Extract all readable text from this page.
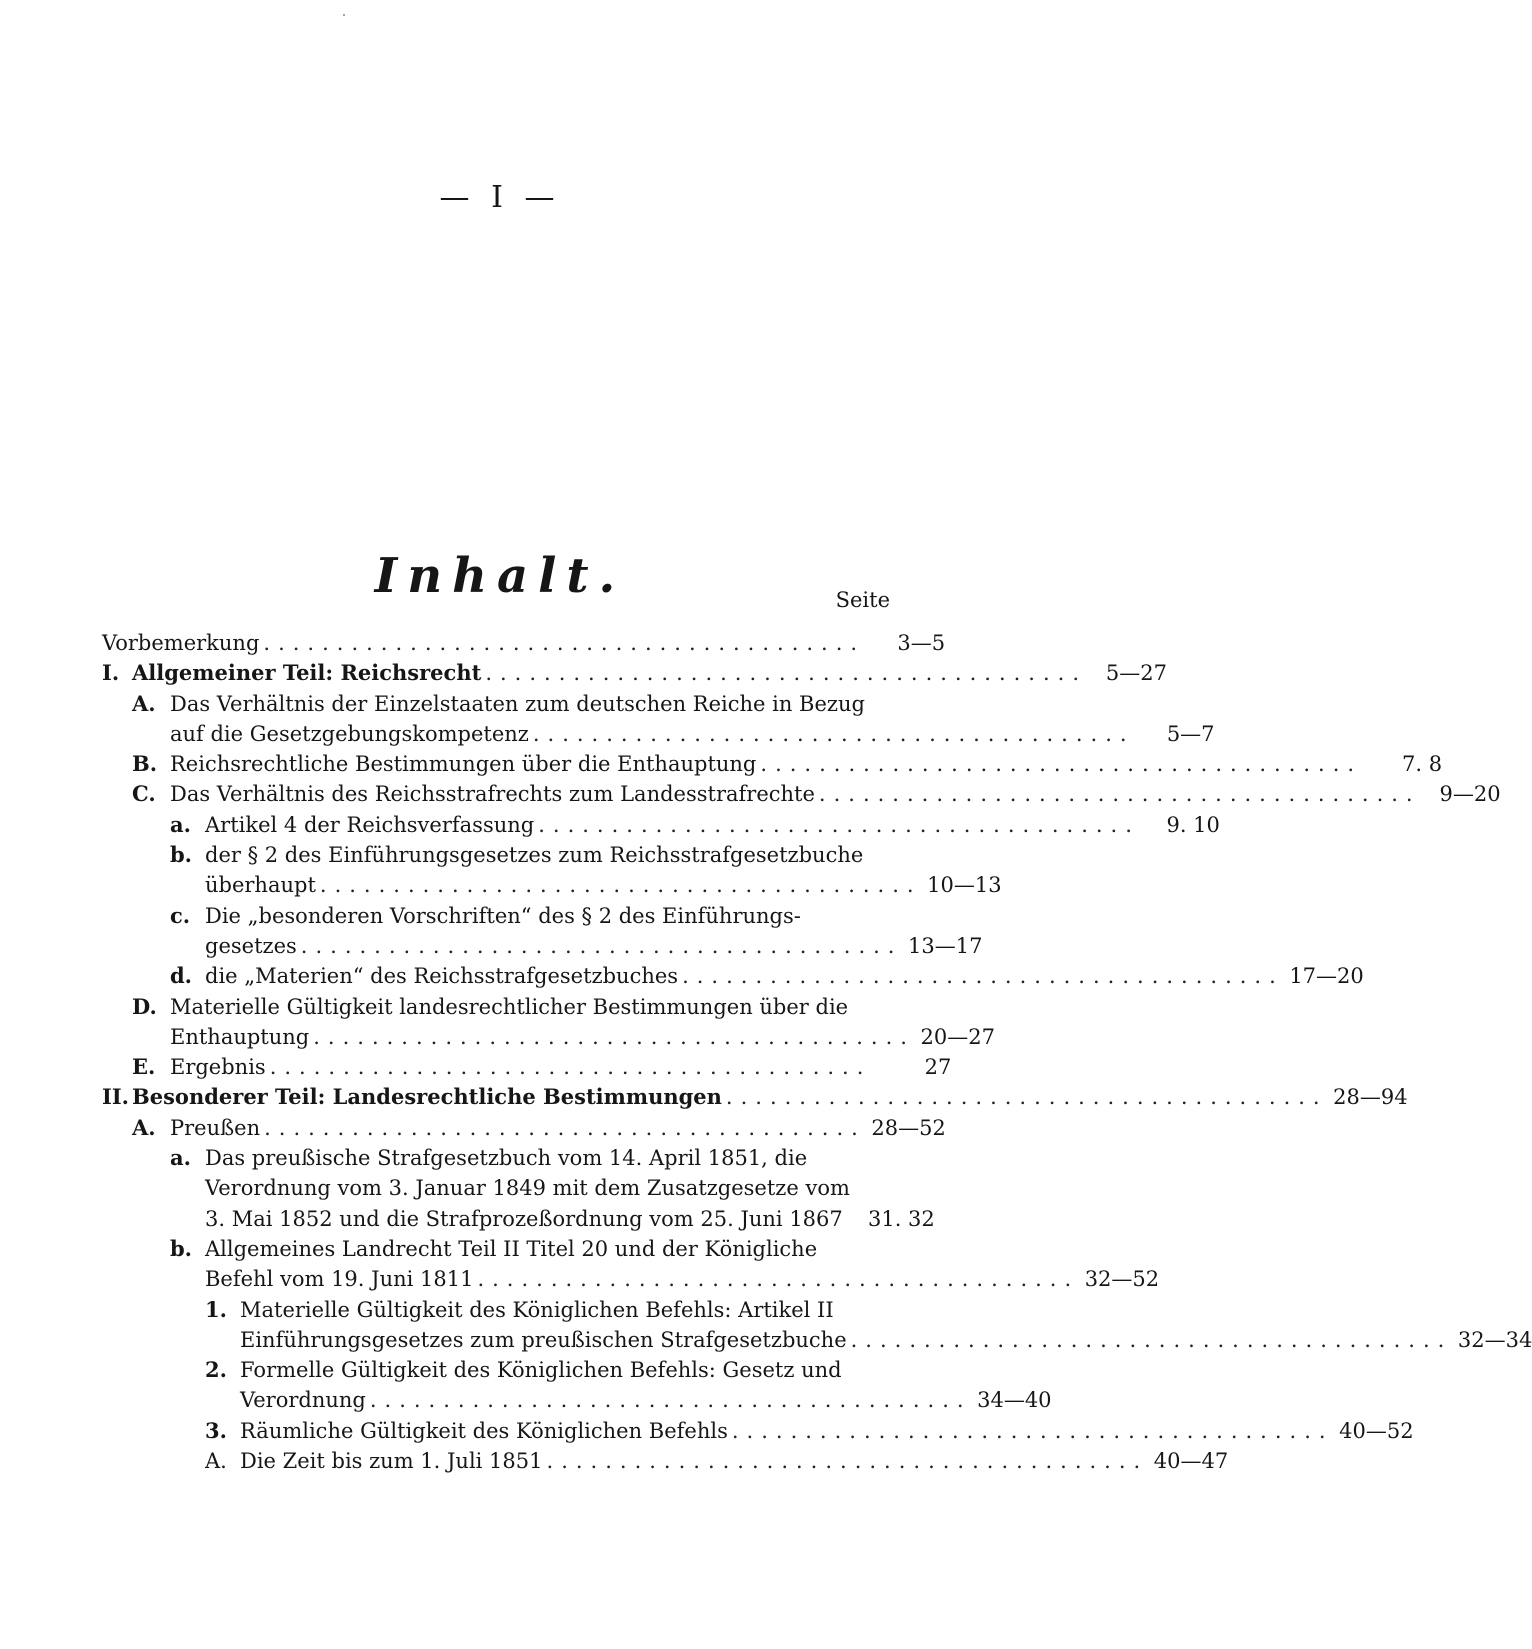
— I —
Inhalt.	Seite
Vorbemerkung .........................................	3—5
I. Allgemeiner Teil: Reichsrecht ......................................... 5—27
A. Das Verhältnis der Einzelstaaten zum deutschen Reiche in Bezug
auf die Gesetzgebungskompetenz .........................................	5—7
B. Reichsrechtliche Bestimmungen über die Enthauptung .........................................	7. 8
C. Das Verhältnis des Reichsstrafrechts zum Landesstrafrechte ......................................... 9—20
a. Artikel 4 der Reichsverfassung .........................................	9. 10
b. der § 2 des Einführungsgesetzes zum Reichsstrafgesetzbuche
überhaupt ......................................... 10—13
c. Die „besonderen Vorschriften“ des § 2 des Einführungs-
gesetzes ......................................... 13—17
d. die „Materien“ des Reichsstrafgesetzbuches ......................................... 17—20
D. Materielle Gültigkeit landesrechtlicher Bestimmungen über die
Enthauptung ......................................... 20—27
E. Ergebnis .........................................	27
II. Besonderer Teil: Landesrechtliche Bestimmungen ......................................... 28—94
A. Preußen ......................................... 28—52
a. Das preußische Strafgesetzbuch vom 14. April 1851, die
Verordnung vom 3. Januar 1849 mit dem Zusatzgesetze vom
3. Mai 1852 und die Strafprozeßordnung vom 25. Juni 1867	31. 32
b. Allgemeines Landrecht Teil II Titel 20 und der Königliche
Befehl vom 19. Juni 1811 ......................................... 32—52
1. Materielle Gültigkeit des Königlichen Befehls: Artikel II
Einführungsgesetzes zum preußischen Strafgesetzbuche ......................................... 32—34
2. Formelle Gültigkeit des Königlichen Befehls: Gesetz und
Verordnung ......................................... 34—40
3. Räumliche Gültigkeit des Königlichen Befehls ......................................... 40—52
A. Die Zeit bis zum 1. Juli 1851 ......................................... 40—47
